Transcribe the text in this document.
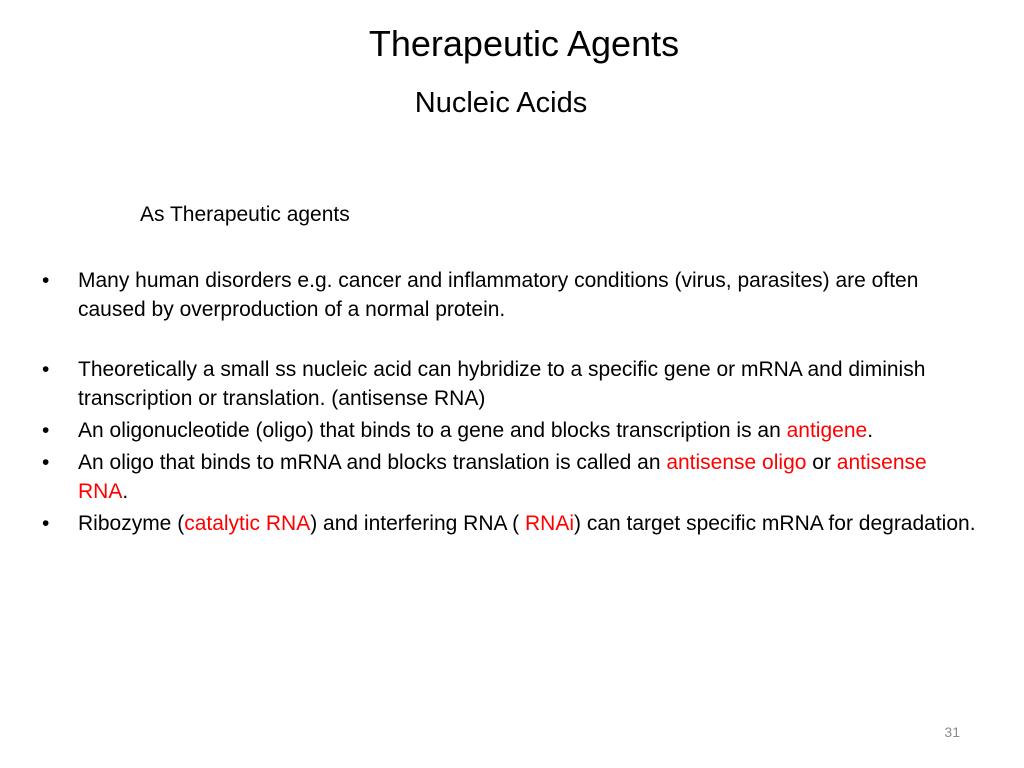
Therapeutic Agents
Nucleic Acids
As Therapeutic agents
• Many human disorders e.g. cancer and inflammatory conditions (virus, parasites) are often caused by overproduction of a normal protein.
• Theoretically a small ss nucleic acid can hybridize to a specific gene or mRNA and diminish transcription or translation. (antisense RNA)
• An oligonucleotide (oligo) that binds to a gene and blocks transcription is an antigene.
• An oligo that binds to mRNA and blocks translation is called an antisense oligo or antisense RNA.
• Ribozyme (catalytic RNA) and interfering RNA ( RNAi) can target specific mRNA for degradation.
31
